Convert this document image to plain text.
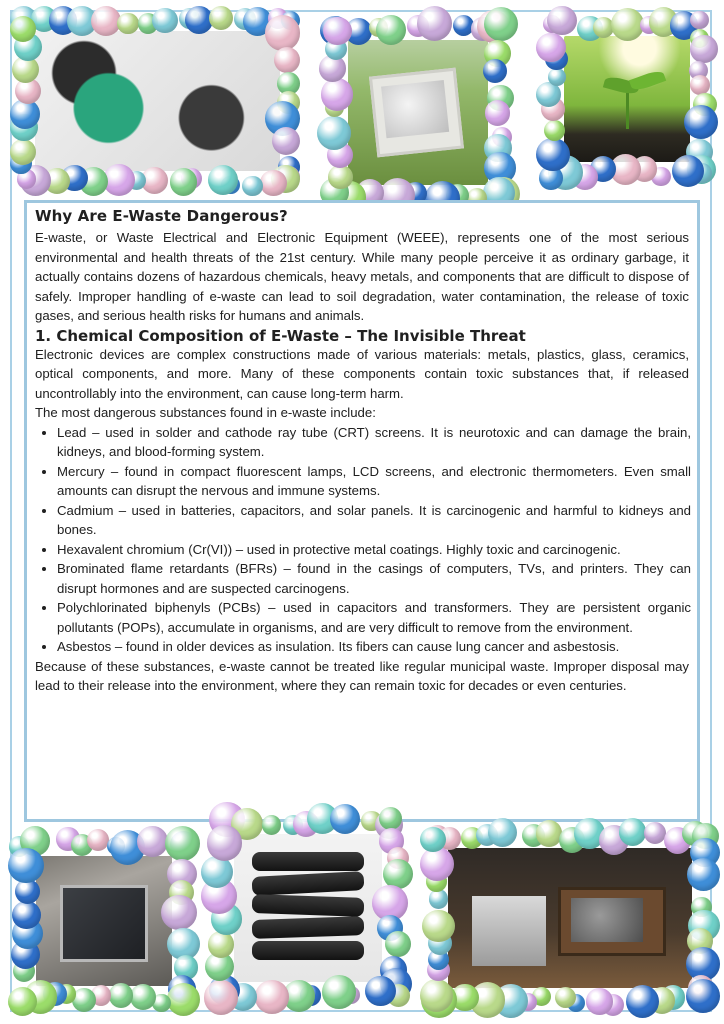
Why Are E-Waste Dangerous?

E-waste, or Waste Electrical and Electronic Equipment (WEEE), represents one of the most serious environmental and health threats of the 21st century. While many people perceive it as ordinary garbage, it actually contains dozens of hazardous chemicals, heavy metals, and components that are difficult to dispose of safely. Improper handling of e-waste can lead to soil degradation, water contamination, the release of toxic gases, and serious health risks for humans and animals.

1. Chemical Composition of E-Waste – The Invisible Threat

Electronic devices are complex constructions made of various materials: metals, plastics, glass, ceramics, optical components, and more. Many of these components contain toxic substances that, if released uncontrollably into the environment, can cause long-term harm.

The most dangerous substances found in e-waste include:

• Lead – used in solder and cathode ray tube (CRT) screens. It is neurotoxic and can damage the brain, kidneys, and blood-forming system.
• Mercury – found in compact fluorescent lamps, LCD screens, and electronic thermometers. Even small amounts can disrupt the nervous and immune systems.
• Cadmium – used in batteries, capacitors, and solar panels. It is carcinogenic and harmful to kidneys and bones.
• Hexavalent chromium (Cr(VI)) – used in protective metal coatings. Highly toxic and carcinogenic.
• Brominated flame retardants (BFRs) – found in the casings of computers, TVs, and printers. They can disrupt hormones and are suspected carcinogens.
• Polychlorinated biphenyls (PCBs) – used in capacitors and transformers. They are persistent organic pollutants (POPs), accumulate in organisms, and are very difficult to remove from the environment.
• Asbestos – found in older devices as insulation. Its fibers can cause lung cancer and asbestosis.

Because of these substances, e-waste cannot be treated like regular municipal waste. Improper disposal may lead to their release into the environment, where they can remain toxic for decades or even centuries.
